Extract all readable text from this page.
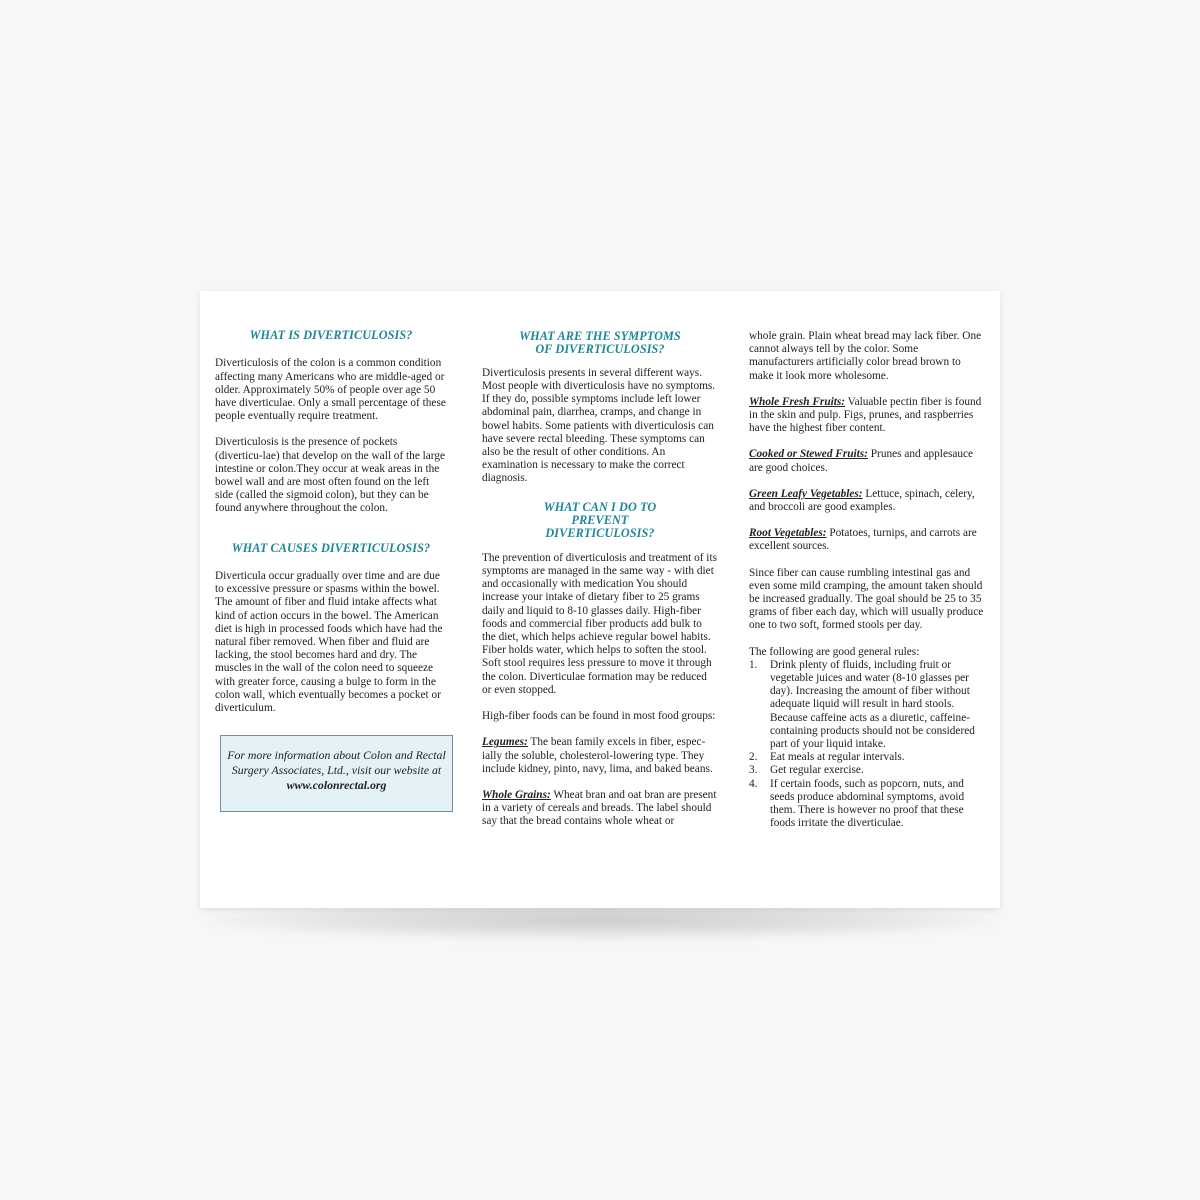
WHAT IS DIVERTICULOSIS?

Diverticulosis of the colon is a common condition affecting many Americans who are middle-aged or older. Approximately 50% of people over age 50 have diverticulae. Only a small percentage of these people eventually require treatment.

Diverticulosis is the presence of pockets (diverticu-lae) that develop on the wall of the large intestine or colon.They occur at weak areas in the bowel wall and are most often found on the left side (called the sigmoid colon), but they can be found anywhere throughout the colon.

WHAT CAUSES DIVERTICULOSIS?

Diverticula occur gradually over time and are due to excessive pressure or spasms within the bowel. The amount of fiber and fluid intake affects what kind of action occurs in the bowel. The American diet is high in processed foods which have had the natural fiber removed. When fiber and fluid are lacking, the stool becomes hard and dry. The muscles in the wall of the colon need to squeeze with greater force, causing a bulge to form in the colon wall, which eventually becomes a pocket or diverticulum.

For more information about Colon and Rectal Surgery Associates, Ltd., visit our website at www.colonrectal.org
WHAT ARE THE SYMPTOMS OF DIVERTICULOSIS?

Diverticulosis presents in several different ways. Most people with diverticulosis have no symptoms. If they do, possible symptoms include left lower abdominal pain, diarrhea, cramps, and change in bowel habits. Some patients with diverticulosis can have severe rectal bleeding. These symptoms can also be the result of other conditions. An examination is necessary to make the correct diagnosis.

WHAT CAN I DO TO PREVENT DIVERTICULOSIS?

The prevention of diverticulosis and treatment of its symptoms are managed in the same way - with diet and occasionally with medication You should increase your intake of dietary fiber to 25 grams daily and liquid to 8-10 glasses daily. High-fiber foods and commercial fiber products add bulk to the diet, which helps achieve regular bowel habits. Fiber holds water, which helps to soften the stool. Soft stool requires less pressure to move it through the colon. Diverticulae formation may be reduced or even stopped.

High-fiber foods can be found in most food groups:

Legumes: The bean family excels in fiber, espec-ially the soluble, cholesterol-lowering type. They include kidney, pinto, navy, lima, and baked beans.

Whole Grains: Wheat bran and oat bran are present in a variety of cereals and breads. The label should say that the bread contains whole wheat or

whole grain. Plain wheat bread may lack fiber. One cannot always tell by the color. Some manufacturers artificially color bread brown to make it look more wholesome.

Whole Fresh Fruits: Valuable pectin fiber is found in the skin and pulp. Figs, prunes, and raspberries have the highest fiber content.

Cooked or Stewed Fruits: Prunes and applesauce are good choices.

Green Leafy Vegetables: Lettuce, spinach, celery, and broccoli are good examples.

Root Vegetables: Potatoes, turnips, and carrots are excellent sources.

Since fiber can cause rumbling intestinal gas and even some mild cramping, the amount taken should be increased gradually. The goal should be 25 to 35 grams of fiber each day, which will usually produce one to two soft, formed stools per day.

The following are good general rules:

1. Drink plenty of fluids, including fruit or vegetable juices and water (8-10 glasses per day). Increasing the amount of fiber without adequate liquid will result in hard stools. Because caffeine acts as a diuretic, caffeine-containing products should not be considered part of your liquid intake.
2. Eat meals at regular intervals.
3. Get regular exercise.
4. If certain foods, such as popcorn, nuts, and seeds produce abdominal symptoms, avoid them. There is however no proof that these foods irritate the diverticulae.
